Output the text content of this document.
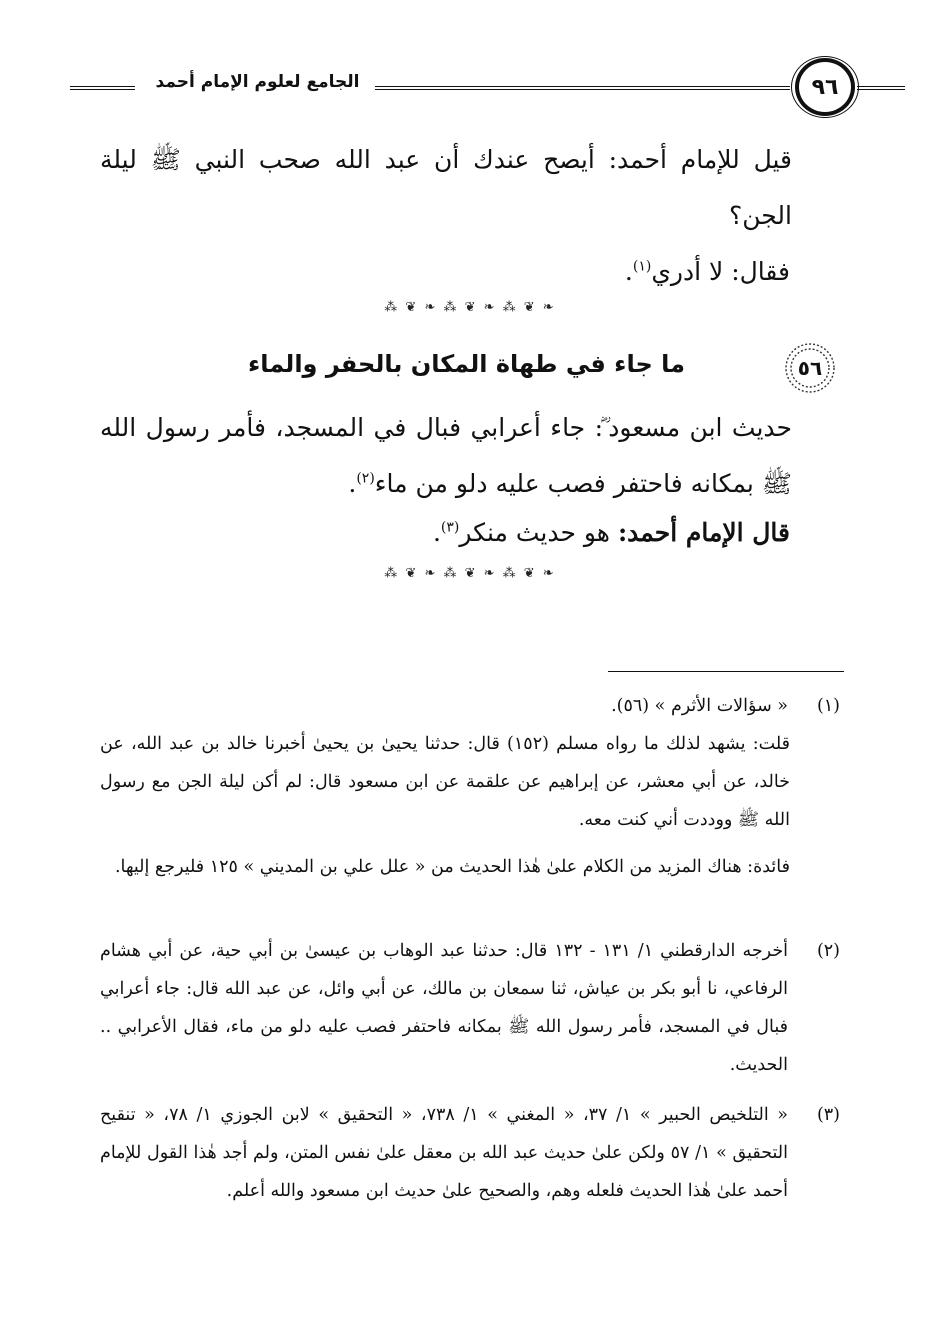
الجامع لعلوم الإمام أحمد	٩٦
قيل للإمام أحمد: أيصح عندك أن عبد الله صحب النبي ﷺ ليلة الجن؟
فقال: لا أدري$^{(١)}$.
⁂ ❦ ❧ ⁂ ❦ ❧ ⁂ ❦ ❧
٥٦
ما جاء في طهاة المكان بالحفر والماء
حديث ابن مسعود ؓ: جاء أعرابي فبال في المسجد، فأمر رسول الله ﷺ بمكانه فاحتفر فصب عليه دلو من ماء$^{(٢)}$.
قال الإمام أحمد: هو حديث منكر$^{(٣)}$.
⁂ ❦ ❧ ⁂ ❦ ❧ ⁂ ❦ ❧
(١)
« سؤالات الأثرم » (٥٦).
قلت: يشهد لذلك ما رواه مسلم (١٥٢) قال: حدثنا يحيىٰ بن يحيىٰ أخبرنا خالد بن عبد الله، عن خالد، عن أبي معشر، عن إبراهيم عن علقمة عن ابن مسعود قال: لم أكن ليلة الجن مع رسول الله ﷺ ووددت أني كنت معه.
فائدة: هناك المزيد من الكلام علىٰ هٰذا الحديث من « علل علي بن المديني » ١٢٥ فليرجع إليها.
(٢)
أخرجه الدارقطني ١/ ١٣١ - ١٣٢ قال: حدثنا عبد الوهاب بن عيسىٰ بن أبي حية، عن أبي هشام الرفاعي، نا أبو بكر بن عياش، ثنا سمعان بن مالك، عن أبي وائل، عن عبد الله قال: جاء أعرابي فبال في المسجد، فأمر رسول الله ﷺ بمكانه فاحتفر فصب عليه دلو من ماء، فقال الأعرابي .. الحديث.
(٣)
« التلخيص الحبير » ١/ ٣٧، « المغني » ١/ ٧٣٨، « التحقيق » لابن الجوزي ١/ ٧٨، « تنقيح التحقيق » ١/ ٥٧ ولكن علىٰ حديث عبد الله بن معقل علىٰ نفس المتن، ولم أجد هٰذا القول للإمام أحمد علىٰ هٰذا الحديث فلعله وهم، والصحيح علىٰ حديث ابن مسعود والله أعلم.
